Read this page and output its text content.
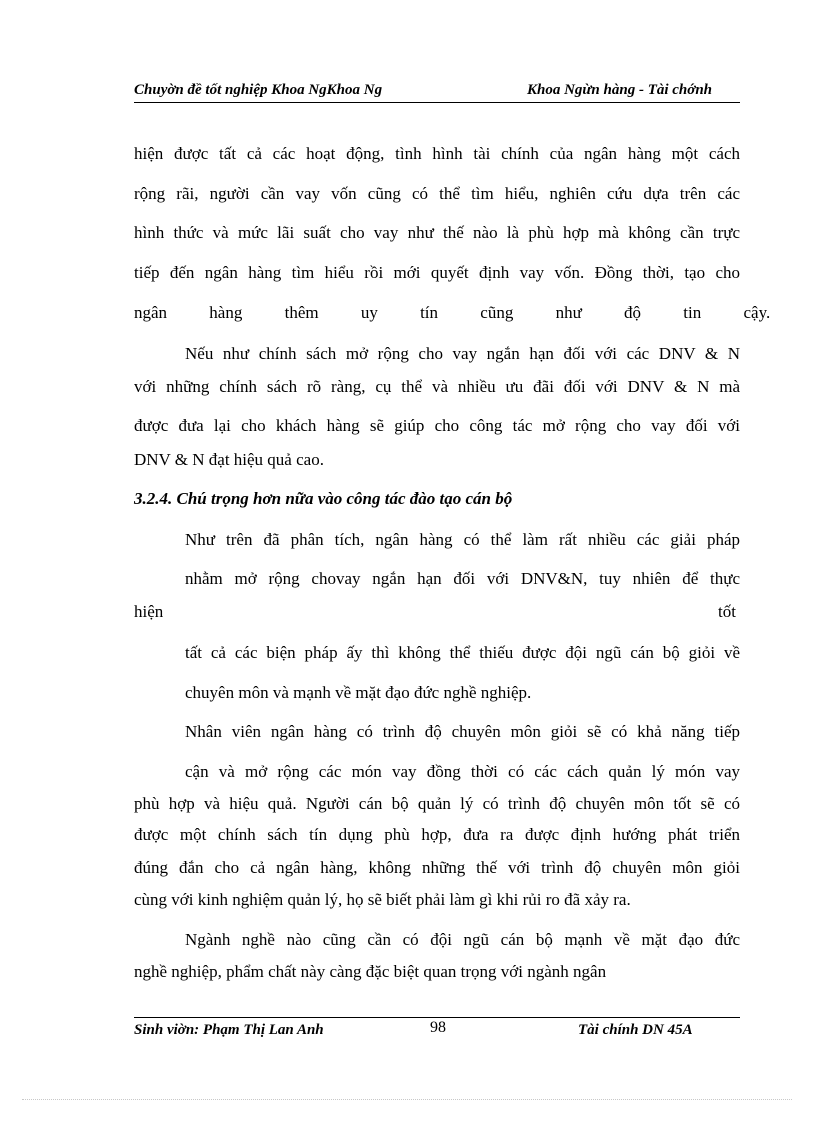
Chuyờn đề tốt nghiệp Khoa NgKhoa Ng	Khoa Ngừn hàng - Tài chớnh
hiện được tất cả các hoạt động, tình hình tài chính của ngân hàng một cách
rộng rãi, người cần vay vốn cũng có thể tìm hiểu, nghiên cứu dựa trên các
hình thức và mức lãi suất cho vay như thế nào là phù hợp mà không cần trực
tiếp đến ngân hàng tìm hiểu rồi mới quyết định vay vốn. Đồng thời, tạo cho
ngân hàng thêm uy tín cũng như độ tin cậy.
Nếu như chính sách mở rộng cho vay ngắn hạn đối với các DNV & N
với những chính sách rõ ràng, cụ thể và nhiều ưu đãi đối với DNV & N mà
được đưa lại cho khách hàng sẽ giúp cho công tác mở rộng cho vay đối với
DNV & N đạt hiệu quả cao.
3.2.4. Chú trọng hơn nữa vào công tác đào tạo cán bộ
Như trên đã phân tích, ngân hàng có thể làm rất nhiều các giải pháp
nhằm mở rộng chovay ngắn hạn đối với DNV&N, tuy nhiên để thực
hiện	tốt
tất cả các biện pháp ấy thì không thể thiếu được đội ngũ cán bộ giỏi về
chuyên môn và mạnh về mặt đạo đức nghề nghiệp.
Nhân viên ngân hàng có trình độ chuyên môn giỏi sẽ có khả năng tiếp
cận và mở rộng các món vay đồng thời có các cách quản lý món vay
phù hợp và hiệu quả. Người cán bộ quản lý có trình độ chuyên môn tốt sẽ có
được một chính sách tín dụng phù hợp, đưa ra được định hướng phát triển
đúng đắn cho cả ngân hàng, không những thế với trình độ chuyên môn giỏi
cùng với kinh nghiệm quản lý, họ sẽ biết phải làm gì khi rủi ro đã xảy ra.
Ngành nghề nào cũng cần có đội ngũ cán bộ mạnh về mặt đạo đức
nghề nghiệp, phẩm chất này càng đặc biệt quan trọng với ngành ngân
Sinh viờn: Phạm Thị Lan Anh	98	Tài chính DN 45A
